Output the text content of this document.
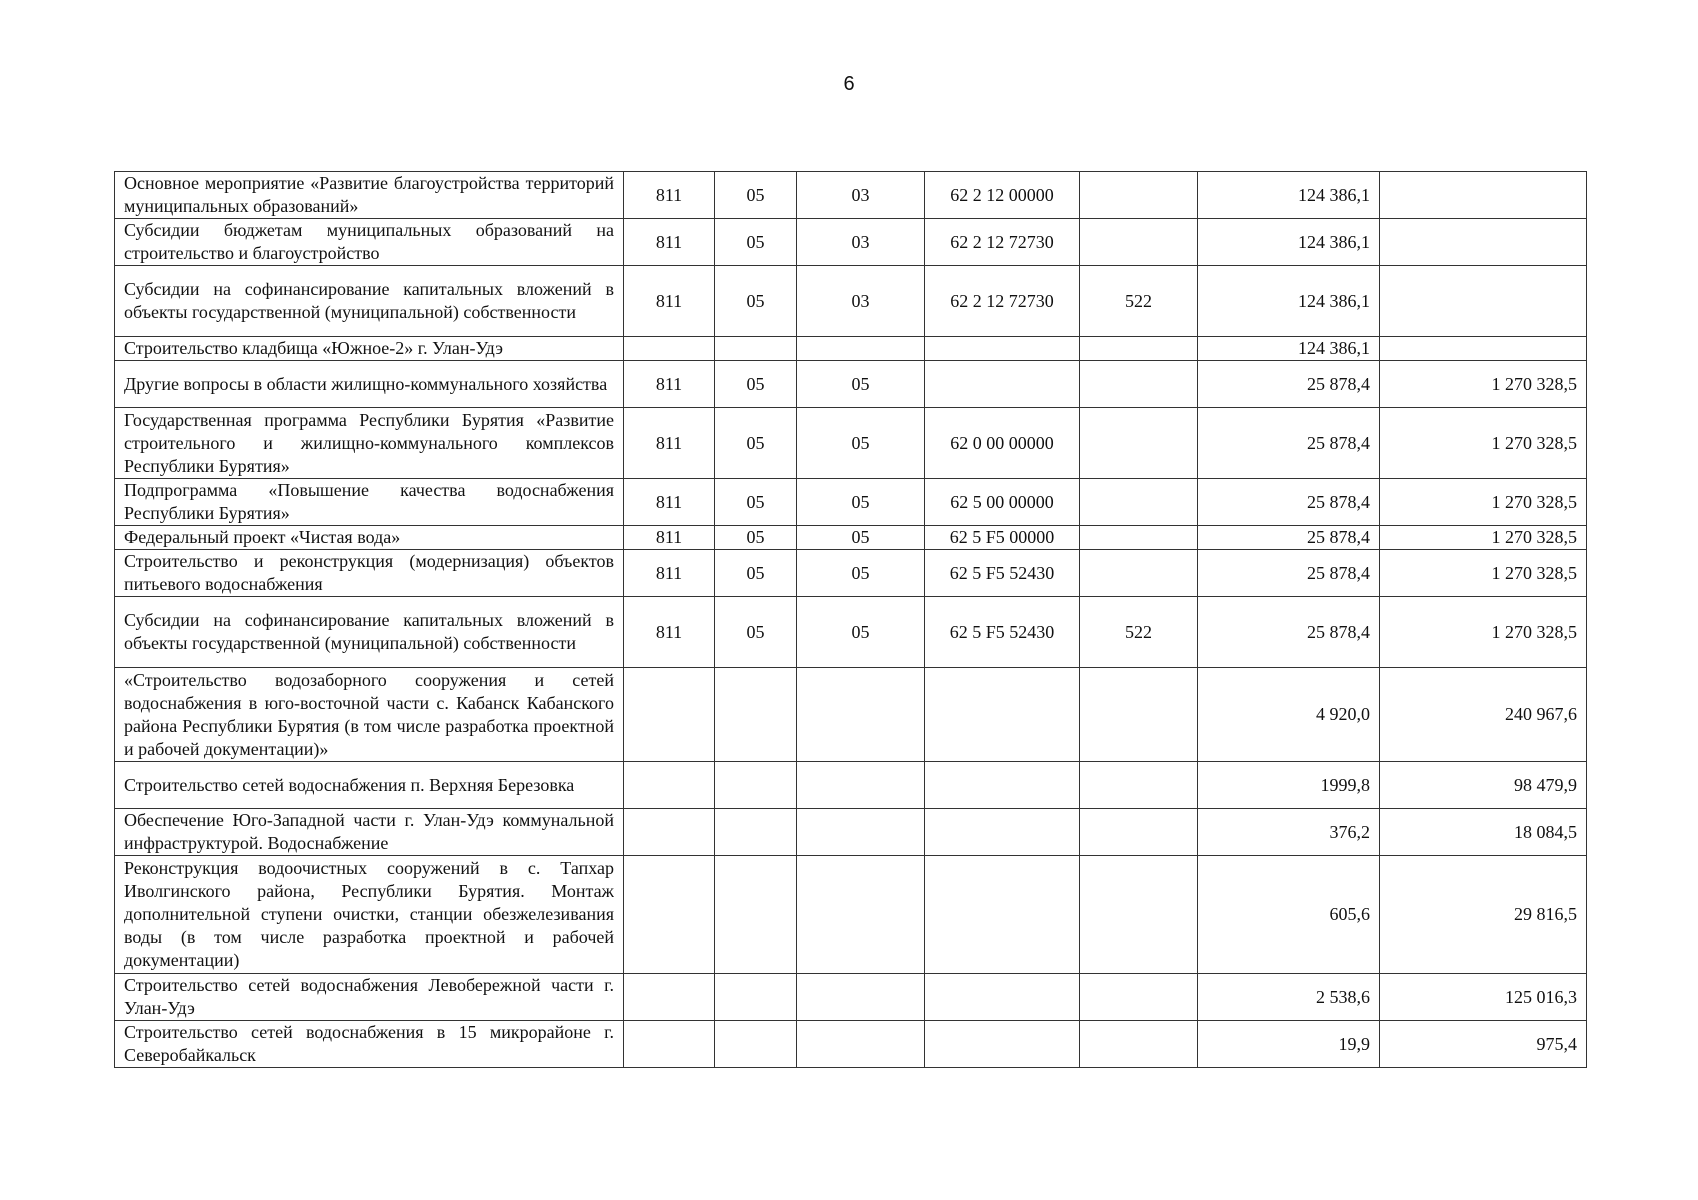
6
Основное мероприятие «Развитие благоустройства территорий муниципальных образований»	811	05	03	62 2 12 00000		124 386,1	
Субсидии бюджетам муниципальных образований на строительство и благоустройство	811	05	03	62 2 12 72730		124 386,1	
Субсидии на софинансирование капитальных вложений в объекты государственной (муниципальной) собственности	811	05	03	62 2 12 72730	522	124 386,1	
Строительство кладбища «Южное-2» г. Улан-Удэ						124 386,1	
Другие вопросы в области жилищно-коммунального хозяйства	811	05	05			25 878,4	1 270 328,5
Государственная программа Республики Бурятия «Развитие строительного и жилищно-коммунального комплексов Республики Бурятия»	811	05	05	62 0 00 00000		25 878,4	1 270 328,5
Подпрограмма «Повышение качества водоснабжения Республики Бурятия»	811	05	05	62 5 00 00000		25 878,4	1 270 328,5
Федеральный проект «Чистая вода»	811	05	05	62 5 F5 00000		25 878,4	1 270 328,5
Строительство и реконструкция (модернизация) объектов питьевого водоснабжения	811	05	05	62 5 F5 52430		25 878,4	1 270 328,5
Субсидии на софинансирование капитальных вложений в объекты государственной (муниципальной) собственности	811	05	05	62 5 F5 52430	522	25 878,4	1 270 328,5
«Строительство водозаборного сооружения и сетей водоснабжения в юго-восточной части с. Кабанск Кабанского района Республики Бурятия (в том числе разработка проектной и рабочей документации)»						4 920,0	240 967,6
Строительство сетей водоснабжения п. Верхняя Березовка						1999,8	98 479,9
Обеспечение Юго-Западной части г. Улан-Удэ коммунальной инфраструктурой. Водоснабжение						376,2	18 084,5
Реконструкция водоочистных сооружений в с. Тапхар Иволгинского района, Республики Бурятия. Монтаж дополнительной ступени очистки, станции обезжелезивания воды (в том числе разработка проектной и рабочей документации)						605,6	29 816,5
Строительство сетей водоснабжения Левобережной части г. Улан-Удэ						2 538,6	125 016,3
Строительство сетей водоснабжения в 15 микрорайоне г. Северобайкальск						19,9	975,4
